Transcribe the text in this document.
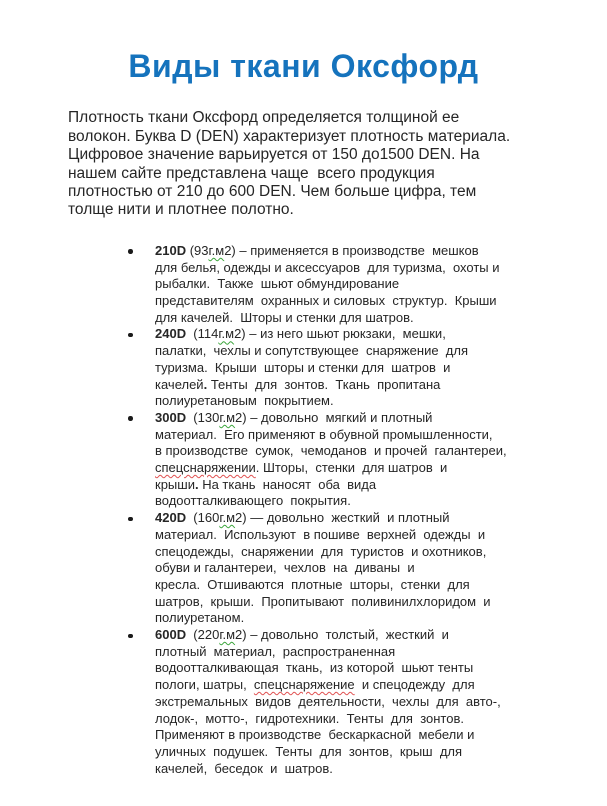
Виды ткани Оксфорд
Плотность ткани Оксфорд определяется толщиной ее
волокон. Буква D (DEN) характеризует плотность материала.
Цифровое значение варьируется от 150 до1500 DEN. На
нашем сайте представлена чаще  всего продукция
плотностью от 210 до 600 DEN. Чем больше цифра, тем
толще нити и плотнее полотно.
210D (93г.м2) – применяется в производстве  мешков
для белья, одежды и аксессуаров  для туризма,  охоты и
рыбалки.  Также  шьют обмундирование
представителям  охранных и силовых  структур.  Крыши
для качелей.  Шторы и стенки для шатров.
240D  (114г.м2) – из него шьют рюкзаки,  мешки,
палатки,  чехлы и сопутствующее  снаряжение  для
туризма.  Крыши  шторы и стенки для  шатров  и
качелей. Тенты  для  зонтов.  Ткань  пропитана
полиуретановым  покрытием.
300D  (130г.м2) – довольно  мягкий и плотный
материал.  Его применяют в обувной промышленности,
в производстве  сумок,  чемоданов  и прочей  галантереи,
спецснаряжении. Шторы,  стенки  для шатров  и
крыши. На ткань  наносят  оба  вида
водоотталкивающего  покрытия.
420D  (160г.м2) — довольно  жесткий  и плотный
материал.  Используют  в пошиве  верхней  одежды  и
спецодежды,  снаряжении  для  туристов  и охотников,
обуви и галантереи,  чехлов  на  диваны  и
кресла.  Отшиваются  плотные  шторы,  стенки  для
шатров,  крыши.  Пропитывают  поливинилхлоридом  и
полиуретаном.
600D  (220г.м2) – довольно  толстый,  жесткий  и
плотный  материал,  распространенная
водоотталкивающая  ткань,  из которой  шьют тенты
пологи, шатры,  спецснаряжение  и спецодежду  для
экстремальных  видов  деятельности,  чехлы  для  авто-,
лодок-,  мотто-,  гидротехники.  Тенты  для  зонтов.
Применяют в производстве  бескаркасной  мебели и
уличных  подушек.  Тенты  для  зонтов,  крыш  для
качелей,  беседок  и  шатров.
